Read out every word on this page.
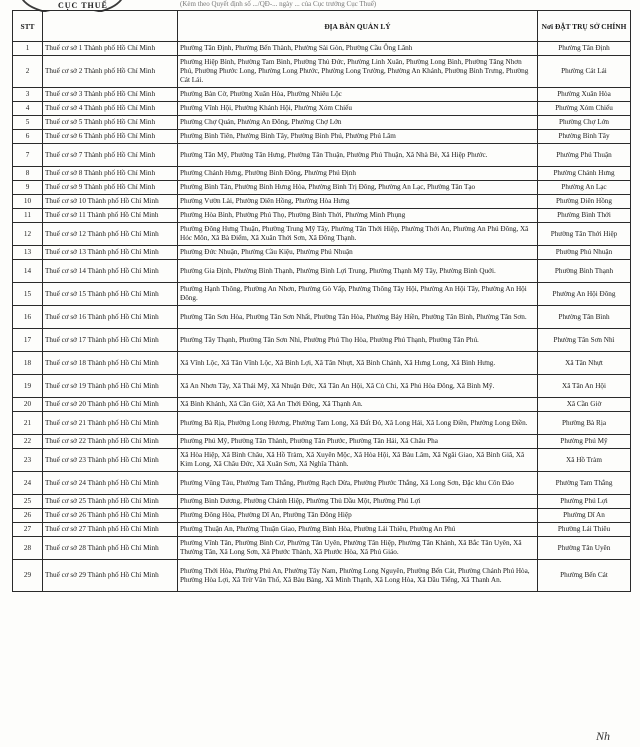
CỤC THUẾ	(Kèm theo Quyết định số .../QĐ-... ngày ... của Cục trưởng Cục Thuế)
STT		ĐỊA BÀN QUẢN LÝ	Nơi ĐẶT TRỤ SỞ CHÍNH
1	Thuế cơ sở 1 Thành phố Hồ Chí Minh	Phường Tân Định, Phường Bến Thành, Phường Sài Gòn, Phường Cầu Ông Lãnh	Phường Tân Định
2	Thuế cơ sở 2 Thành phố Hồ Chí Minh	Phường Hiệp Bình, Phường Tam Bình, Phường Thủ Đức, Phường Linh Xuân, Phường Long Bình, Phường Tăng Nhơn Phú, Phường Phước Long, Phường Long Phước, Phường Long Trường, Phường An Khánh, Phường Bình Trưng, Phường Cát Lái.	Phường Cát Lái
3	Thuế cơ sở 3 Thành phố Hồ Chí Minh	Phường Bàn Cờ, Phường Xuân Hòa, Phường Nhiêu Lộc	Phường Xuân Hòa
4	Thuế cơ sở 4 Thành phố Hồ Chí Minh	Phường Vĩnh Hội, Phường Khánh Hội, Phường Xóm Chiếu	Phường Xóm Chiếu
5	Thuế cơ sở 5 Thành phố Hồ Chí Minh	Phường Chợ Quán, Phường An Đông, Phường Chợ Lớn	Phường Chợ Lớn
6	Thuế cơ sở 6 Thành phố Hồ Chí Minh	Phường Bình Tiên, Phường Bình Tây, Phường Bình Phú, Phường Phú Lâm	Phường Bình Tây
7	Thuế cơ sở 7 Thành phố Hồ Chí Minh	Phường Tân Mỹ, Phường Tân Hưng, Phường Tân Thuận, Phường Phú Thuận, Xã Nhà Bè, Xã Hiệp Phước.	Phường Phú Thuận
8	Thuế cơ sở 8 Thành phố Hồ Chí Minh	Phường Chánh Hưng, Phường Bình Đông, Phường Phú Định	Phường Chánh Hưng
9	Thuế cơ sở 9 Thành phố Hồ Chí Minh	Phường Bình Tân, Phường Bình Hưng Hòa, Phường Bình Trị Đông, Phường An Lạc, Phường Tân Tạo	Phường An Lạc
10	Thuế cơ sở 10 Thành phố Hồ Chí Minh	Phường Vườn Lài, Phường Diên Hồng, Phường Hòa Hưng	Phường Diên Hồng
11	Thuế cơ sở 11 Thành phố Hồ Chí Minh	Phường Hòa Bình, Phường Phú Thọ, Phường Bình Thới, Phường Minh Phụng	Phường Bình Thới
12	Thuế cơ sở 12 Thành phố Hồ Chí Minh	Phường Đông Hưng Thuận, Phường Trung Mỹ Tây, Phường Tân Thới Hiệp, Phường Thới An, Phường An Phú Đông, Xã Hóc Môn, Xã Bà Điểm, Xã Xuân Thới Sơn, Xã Đông Thạnh.	Phường Tân Thới Hiệp
13	Thuế cơ sở 13 Thành phố Hồ Chí Minh	Phường Đức Nhuận, Phường Cầu Kiệu, Phường Phú Nhuận	Phường Phú Nhuận
14	Thuế cơ sở 14 Thành phố Hồ Chí Minh	Phường Gia Định, Phường Bình Thạnh, Phường Bình Lợi Trung, Phường Thạnh Mỹ Tây, Phường Bình Quới.	Phường Bình Thạnh
15	Thuế cơ sở 15 Thành phố Hồ Chí Minh	Phường Hạnh Thông, Phường An Nhơn, Phường Gò Vấp, Phường Thông Tây Hội, Phường An Hội Tây, Phường An Hội Đông.	Phường An Hội Đông
16	Thuế cơ sở 16 Thành phố Hồ Chí Minh	Phường Tân Sơn Hòa, Phường Tân Sơn Nhất, Phường Tân Hòa, Phường Bảy Hiền, Phường Tân Bình, Phường Tân Sơn.	Phường Tân Bình
17	Thuế cơ sở 17 Thành phố Hồ Chí Minh	Phường Tây Thạnh, Phường Tân Sơn Nhì, Phường Phú Thọ Hòa, Phường Phú Thạnh, Phường Tân Phú.	Phường Tân Sơn Nhì
18	Thuế cơ sở 18 Thành phố Hồ Chí Minh	Xã Vĩnh Lộc, Xã Tân Vĩnh Lộc, Xã Bình Lợi, Xã Tân Nhựt, Xã Bình Chánh, Xã Hưng Long, Xã Bình Hưng.	Xã Tân Nhựt
19	Thuế cơ sở 19 Thành phố Hồ Chí Minh	Xã An Nhơn Tây, Xã Thái Mỹ, Xã Nhuận Đức, Xã Tân An Hội, Xã Củ Chi, Xã Phú Hòa Đông, Xã Bình Mỹ.	Xã Tân An Hội
20	Thuế cơ sở 20 Thành phố Hồ Chí Minh	Xã Bình Khánh, Xã Cần Giờ, Xã An Thới Đông, Xã Thạnh An.	Xã Cần Giờ
21	Thuế cơ sở 21 Thành phố Hồ Chí Minh	Phường Bà Rịa, Phường Long Hương, Phường Tam Long, Xã Đất Đỏ, Xã Long Hải, Xã Long Điền, Phường Long Điền.	Phường Bà Rịa
22	Thuế cơ sở 22 Thành phố Hồ Chí Minh	Phường Phú Mỹ, Phường Tân Thành, Phường Tân Phước, Phường Tân Hải, Xã Châu Pha	Phường Phú Mỹ
23	Thuế cơ sở 23 Thành phố Hồ Chí Minh	Xã Hòa Hiệp, Xã Bình Châu, Xã Hồ Tràm, Xã Xuyên Mộc, Xã Hòa Hội, Xã Bàu Lâm, Xã Ngãi Giao, Xã Bình Giã, Xã Kim Long, Xã Châu Đức, Xã Xuân Sơn, Xã Nghĩa Thành.	Xã Hồ Tràm
24	Thuế cơ sở 24 Thành phố Hồ Chí Minh	Phường Vũng Tàu, Phường Tam Thắng, Phường Rạch Dừa, Phường Phước Thắng, Xã Long Sơn, Đặc khu Côn Đảo	Phường Tam Thắng
25	Thuế cơ sở 25 Thành phố Hồ Chí Minh	Phường Bình Dương, Phường Chánh Hiệp, Phường Thủ Dầu Một, Phường Phú Lợi	Phường Phú Lợi
26	Thuế cơ sở 26 Thành phố Hồ Chí Minh	Phường Đông Hòa, Phường Dĩ An, Phường Tân Đông Hiệp	Phường Dĩ An
27	Thuế cơ sở 27 Thành phố Hồ Chí Minh	Phường Thuận An, Phường Thuận Giao, Phường Bình Hòa, Phường Lái Thiêu, Phường An Phú	Phường Lái Thiêu
28	Thuế cơ sở 28 Thành phố Hồ Chí Minh	Phường Vĩnh Tân, Phường Bình Cơ, Phường Tân Uyên, Phường Tân Hiệp, Phường Tân Khánh, Xã Bắc Tân Uyên, Xã Thường Tân, Xã Long Sơn, Xã Phước Thành, Xã Phước Hòa, Xã Phú Giáo.	Phường Tân Uyên
29	Thuế cơ sở 29 Thành phố Hồ Chí Minh	Phường Thới Hòa, Phường Phú An, Phường Tây Nam, Phường Long Nguyên, Phường Bến Cát, Phường Chánh Phú Hòa, Phường Hòa Lợi, Xã Trừ Văn Thố, Xã Bàu Bàng, Xã Minh Thạnh, Xã Long Hòa, Xã Dầu Tiếng, Xã Thanh An.	Phường Bến Cát
Nh
